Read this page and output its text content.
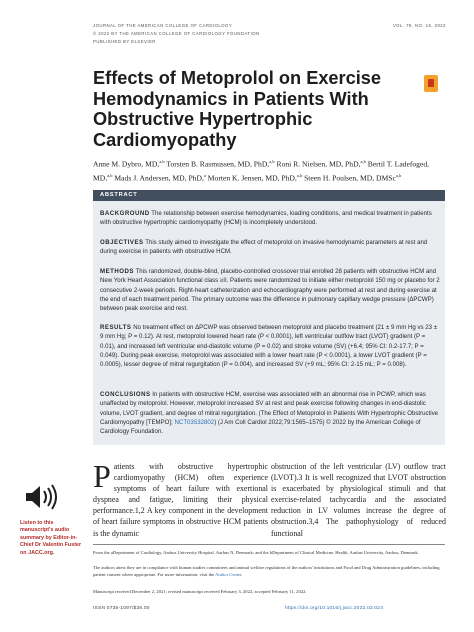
JOURNAL OF THE AMERICAN COLLEGE OF CARDIOLOGY
© 2022 BY THE AMERICAN COLLEGE OF CARDIOLOGY FOUNDATION
PUBLISHED BY ELSEVIER
VOL. 79, NO. 16, 2022
Effects of Metoprolol on Exercise Hemodynamics in Patients With Obstructive Hypertrophic Cardiomyopathy
Anne M. Dybro, MD,$^{a,b}$ Torsten B. Rasmussen, MD, PhD,$^{a,b}$ Roni R. Nielsen, MD, PhD,$^{a,b}$ Bertil T. Ladefoged, MD,$^{a,b}$ Mads J. Andersen, MD, PhD,$^a$ Morten K. Jensen, MD, PhD,$^{a,b}$ Steen H. Poulsen, MD, DMSc$^{a,b}$
ABSTRACT
BACKGROUND The relationship between exercise hemodynamics, loading conditions, and medical treatment in patients with obstructive hypertrophic cardiomyopathy (HCM) is incompletely understood.
OBJECTIVES This study aimed to investigate the effect of metoprolol on invasive hemodynamic parameters at rest and during exercise in patients with obstructive HCM.
METHODS This randomized, double-blind, placebo-controlled crossover trial enrolled 28 patients with obstructive HCM and New York Heart Association functional class ≥II. Patients were randomized to initiate either metoprolol 150 mg or placebo for 2 consecutive 2-week periods. Right-heart catheterization and echocardiography were performed at rest and during exercise at the end of each treatment period. The primary outcome was the difference in pulmonary capillary wedge pressure (ΔPCWP) between peak exercise and rest.
RESULTS No treatment effect on ΔPCWP was observed between metoprolol and placebo treatment (21 ± 9 mm Hg vs 23 ± 9 mm Hg; P = 0.12). At rest, metoprolol lowered heart rate (P < 0.0001), left ventricular outflow tract (LVOT) gradient (P = 0.01), and increased left ventricular end-diastolic volume (P = 0.02) and stroke volume (SV) (+6.4; 95% CI: 0.2-17.7; P = 0.049). During peak exercise, metoprolol was associated with a lower heart rate (P < 0.0001), a lower LVOT gradient (P = 0.0005), lesser degree of mitral regurgitation (P = 0.004), and increased SV (+9 mL; 95% CI: 2-15 mL; P = 0.008).
CONCLUSIONS In patients with obstructive HCM, exercise was associated with an abnormal rise in PCWP, which was unaffected by metoprolol. However, metoprolol increased SV at rest and peak exercise following changes in end-diastolic volume, LVOT gradient, and degree of mitral regurgitation. (The Effect of Metoprolol in Patients With Hypertrophic Obstructive Cardiomyopathy [TEMPO]; NCT03532802) (J Am Coll Cardiol 2022;79:1565–1575) © 2022 by the American College of Cardiology Foundation.
Listen to this manuscript's audio summary by Editor-in-Chief Dr Valentin Fuster on JACC.org.
Patients with obstructive hypertrophic cardiomyopathy (HCM) often experience symptoms of heart failure with exertional dyspnea and fatigue, limiting their physical performance.1,2 A key component in the development of heart failure symptoms in obstructive HCM patients is the dynamic
obstruction of the left ventricular (LV) outflow tract (LVOT).3 It is well recognized that LVOT obstruction is exacerbated by physiological stimuli and that exercise-related tachycardia and the associated reduction in LV volumes increase the degree of obstruction.3,4 The pathophysiology of reduced functional
From the aDepartment of Cardiology, Aarhus University Hospital, Aarhus N, Denmark; and the bDepartment of Clinical Medicine, Health, Aarhus University, Aarhus, Denmark.
The authors attest they are in compliance with human studies committees and animal welfare regulations of the authors' institutions and Food and Drug Administration guidelines, including patient consent where appropriate. For more information, visit the Author Center.
Manuscript received December 2, 2021; revised manuscript received February 3, 2022, accepted February 11, 2022.
ISSN 0735-1097/$36.00	https://doi.org/10.1016/j.jacc.2022.02.024
